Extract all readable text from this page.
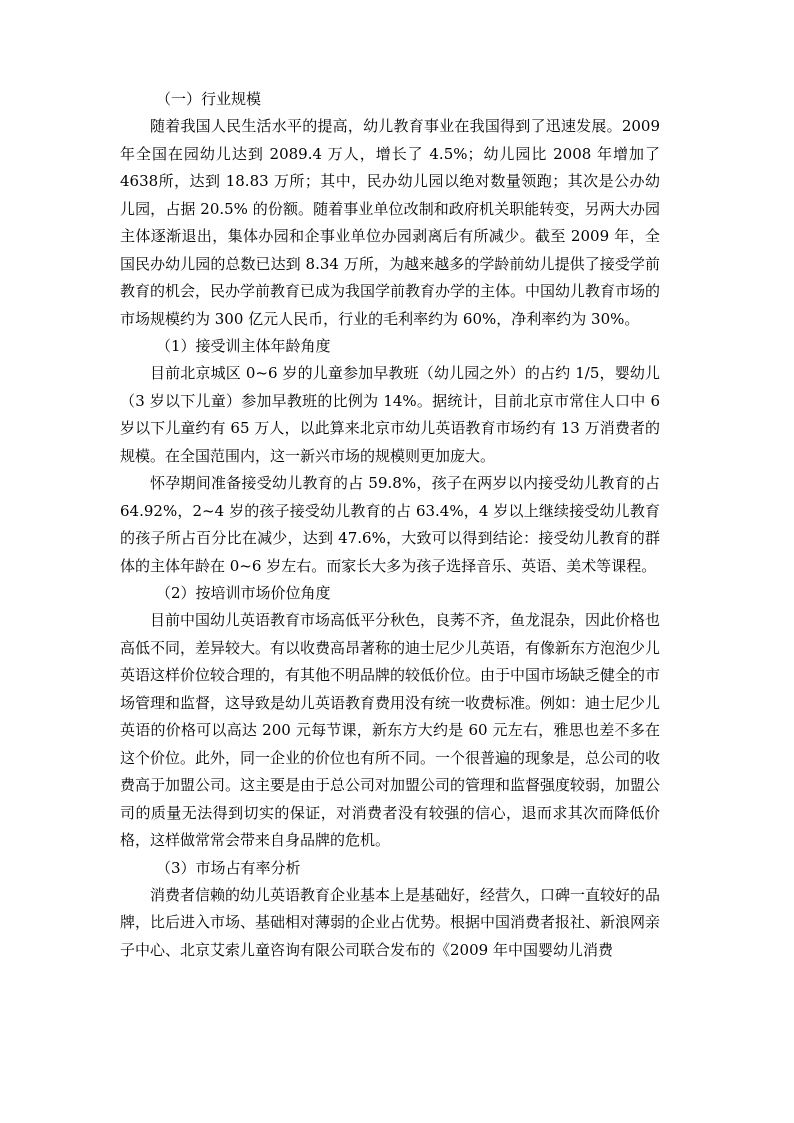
（一）行业规模

随着我国人民生活水平的提高，幼儿教育事业在我国得到了迅速发展。2009年全国在园幼儿达到 2089.4 万人，增长了 4.5%；幼儿园比 2008 年增加了 4638所，达到 18.83 万所；其中，民办幼儿园以绝对数量领跑；其次是公办幼儿园，占据 20.5% 的份额。随着事业单位改制和政府机关职能转变，另两大办园主体逐渐退出，集体办园和企事业单位办园剥离后有所减少。截至 2009 年，全国民办幼儿园的总数已达到 8.34 万所，为越来越多的学龄前幼儿提供了接受学前教育的机会，民办学前教育已成为我国学前教育办学的主体。中国幼儿教育市场的市场规模约为 300 亿元人民币，行业的毛利率约为 60%，净利率约为 30%。

（1）接受训主体年龄角度

目前北京城区 0~6 岁的儿童参加早教班（幼儿园之外）的占约 1/5，婴幼儿（3 岁以下儿童）参加早教班的比例为 14%。据统计，目前北京市常住人口中 6岁以下儿童约有 65 万人，以此算来北京市幼儿英语教育市场约有 13 万消费者的规模。在全国范围内，这一新兴市场的规模则更加庞大。

怀孕期间准备接受幼儿教育的占 59.8%，孩子在两岁以内接受幼儿教育的占64.92%，2~4 岁的孩子接受幼儿教育的占 63.4%，4 岁以上继续接受幼儿教育的孩子所占百分比在减少，达到 47.6%，大致可以得到结论：接受幼儿教育的群体的主体年龄在 0~6 岁左右。而家长大多为孩子选择音乐、英语、美术等课程。

（2）按培训市场价位角度

目前中国幼儿英语教育市场高低平分秋色，良莠不齐，鱼龙混杂，因此价格也高低不同，差异较大。有以收费高昂著称的迪士尼少儿英语，有像新东方泡泡少儿英语这样价位较合理的，有其他不明品牌的较低价位。由于中国市场缺乏健全的市场管理和监督，这导致是幼儿英语教育费用没有统一收费标准。例如：迪士尼少儿英语的价格可以高达 200 元每节课，新东方大约是 60 元左右，雅思也差不多在这个价位。此外，同一企业的价位也有所不同。一个很普遍的现象是，总公司的收费高于加盟公司。这主要是由于总公司对加盟公司的管理和监督强度较弱，加盟公司的质量无法得到切实的保证，对消费者没有较强的信心，退而求其次而降低价格，这样做常常会带来自身品牌的危机。

（3）市场占有率分析

消费者信赖的幼儿英语教育企业基本上是基础好，经营久，口碑一直较好的品牌，比后进入市场、基础相对薄弱的企业占优势。根据中国消费者报社、新浪网亲子中心、北京艾索儿童咨询有限公司联合发布的《2009 年中国婴幼儿消费
